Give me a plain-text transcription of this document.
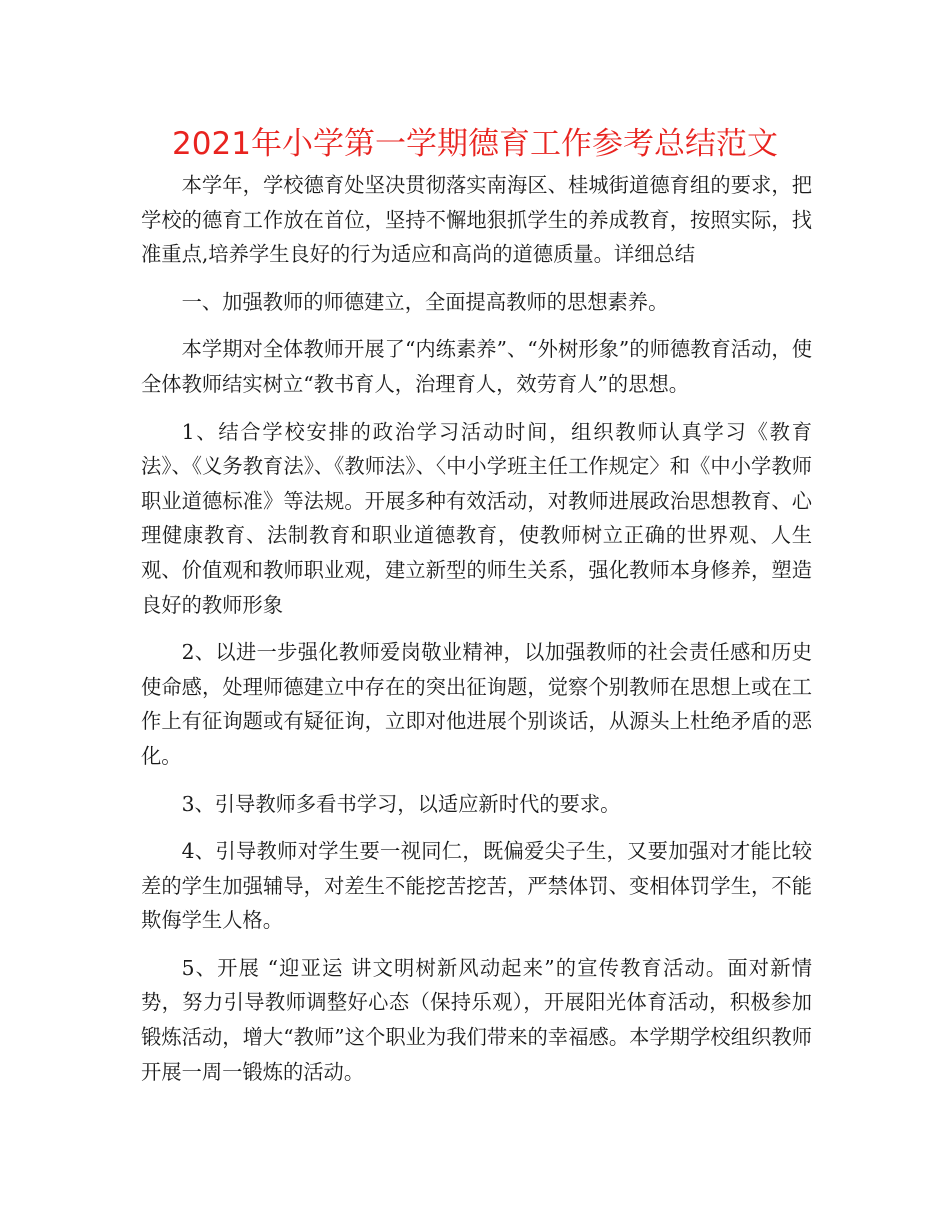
2021年小学第一学期德育工作参考总结范文

本学年，学校德育处坚决贯彻落实南海区、桂城街道德育组的要求，把学校的德育工作放在首位，坚持不懈地狠抓学生的养成教育，按照实际，找准重点,培养学生良好的行为适应和高尚的道德质量。详细总结

一、加强教师的师德建立，全面提高教师的思想素养。

本学期对全体教师开展了“内练素养”、“外树形象”的师德教育活动，使全体教师结实树立“教书育人，治理育人，效劳育人”的思想。

1、结合学校安排的政治学习活动时间，组织教师认真学习《教育法》、《义务教育法》、《教师法》、〈中小学班主任工作规定〉和《中小学教师职业道德标准》等法规。开展多种有效活动，对教师进展政治思想教育、心理健康教育、法制教育和职业道德教育，使教师树立正确的世界观、人生观、价值观和教师职业观，建立新型的师生关系，强化教师本身修养，塑造良好的教师形象

2、以进一步强化教师爱岗敬业精神，以加强教师的社会责任感和历史使命感，处理师德建立中存在的突出征询题，觉察个别教师在思想上或在工作上有征询题或有疑征询，立即对他进展个别谈话，从源头上杜绝矛盾的恶化。

3、引导教师多看书学习，以适应新时代的要求。

4、引导教师对学生要一视同仁，既偏爱尖子生，又要加强对才能比较差的学生加强辅导，对差生不能挖苦挖苦，严禁体罚、变相体罚学生，不能欺侮学生人格。

5、开展 “迎亚运 讲文明树新风动起来”的宣传教育活动。面对新情势，努力引导教师调整好心态（保持乐观），开展阳光体育活动，积极参加锻炼活动，增大“教师”这个职业为我们带来的幸福感。本学期学校组织教师开展一周一锻炼的活动。
